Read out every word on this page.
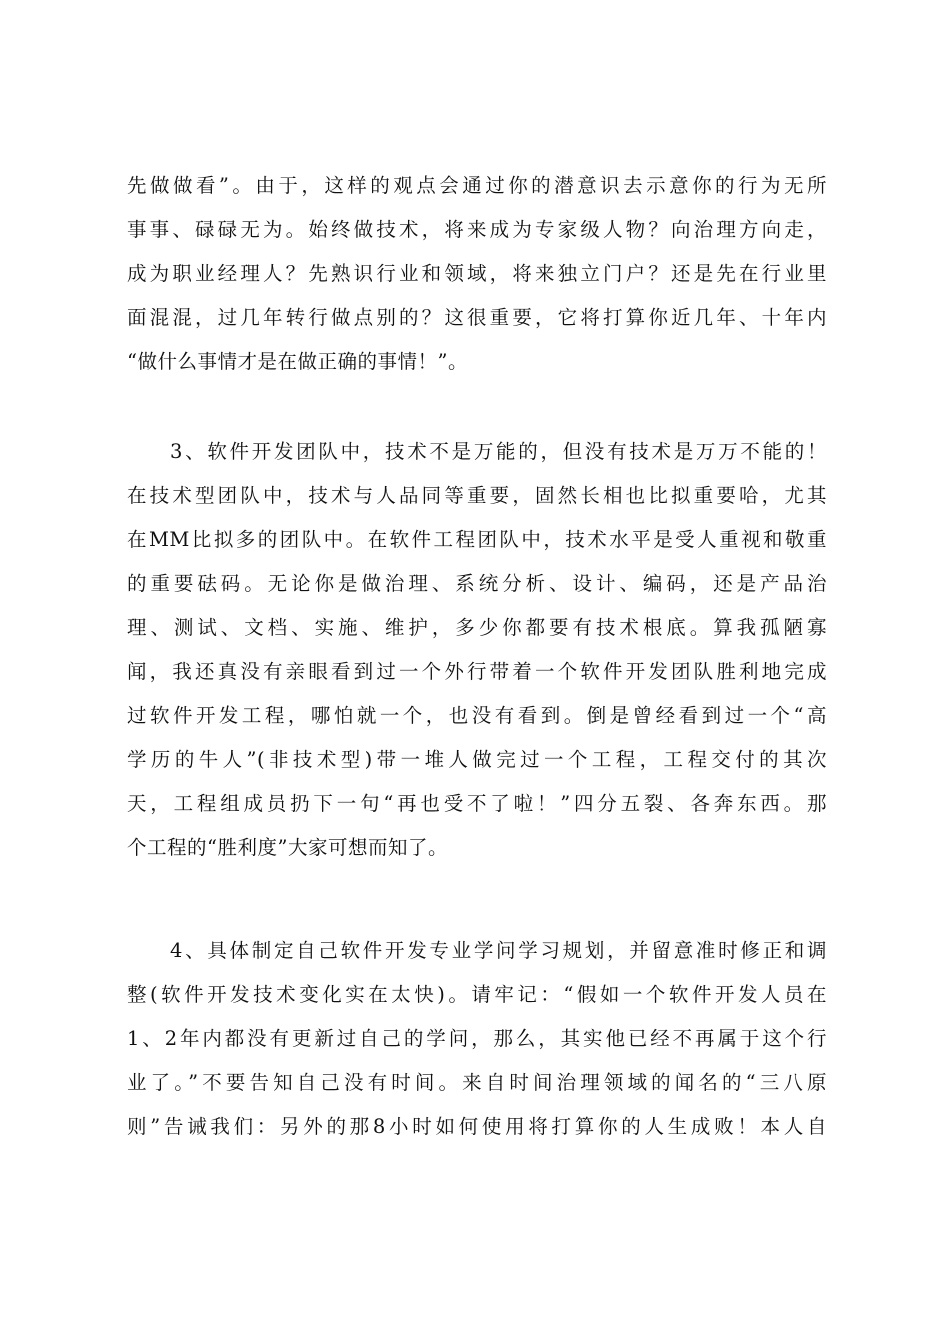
先做做看”。由于，这样的观点会通过你的潜意识去示意你的行为无所
事事、碌碌无为。始终做技术，将来成为专家级人物？向治理方向走，
成为职业经理人？先熟识行业和领域，将来独立门户？还是先在行业里
面混混，过几年转行做点别的？这很重要，它将打算你近几年、十年内
“做什么事情才是在做正确的事情！”。
3、软件开发团队中，技术不是万能的，但没有技术是万万不能的！
在技术型团队中，技术与人品同等重要，固然长相也比拟重要哈，尤其
在MM比拟多的团队中。在软件工程团队中，技术水平是受人重视和敬重
的重要砝码。无论你是做治理、系统分析、设计、编码，还是产品治
理、测试、文档、实施、维护，多少你都要有技术根底。算我孤陋寡
闻，我还真没有亲眼看到过一个外行带着一个软件开发团队胜利地完成
过软件开发工程，哪怕就一个，也没有看到。倒是曾经看到过一个“高
学历的牛人”(非技术型)带一堆人做完过一个工程，工程交付的其次
天，工程组成员扔下一句“再也受不了啦！”四分五裂、各奔东西。那
个工程的“胜利度”大家可想而知了。
4、具体制定自己软件开发专业学问学习规划，并留意准时修正和调
整(软件开发技术变化实在太快)。请牢记：“假如一个软件开发人员在
1、2年内都没有更新过自己的学问，那么，其实他已经不再属于这个行
业了。”不要告知自己没有时间。来自时间治理领域的闻名的“三八原
则”告诫我们：另外的那8小时如何使用将打算你的人生成败！本人自
